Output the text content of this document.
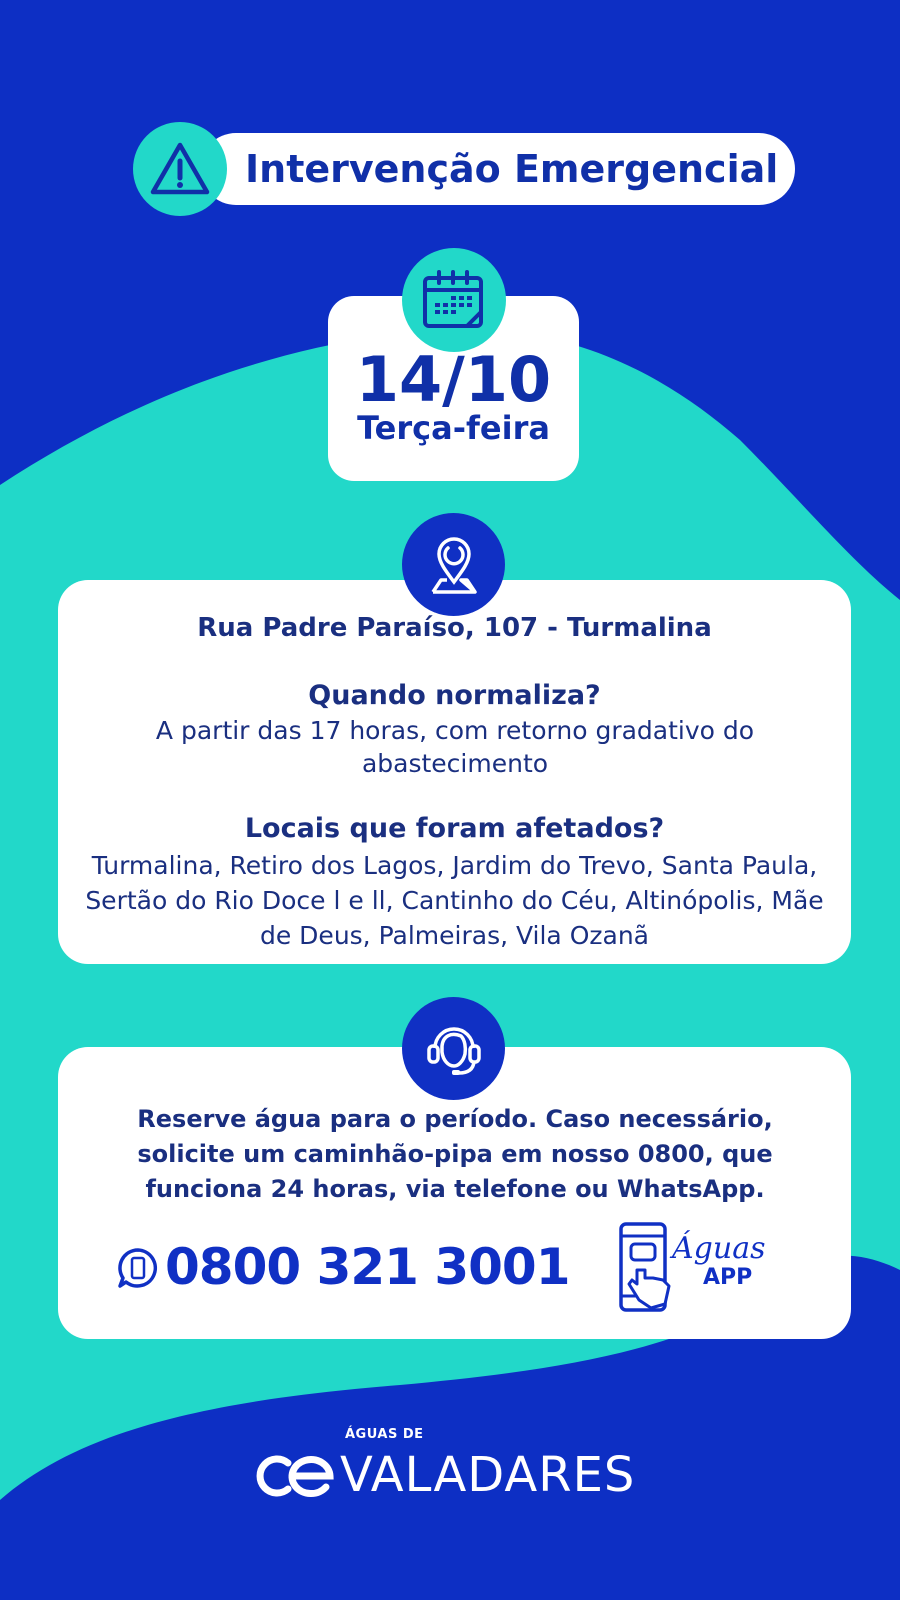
Intervenção Emergencial
14/10
Terça-feira
Rua Padre Paraíso, 107 - Turmalina
Quando normaliza?
A partir das 17 horas, com retorno gradativo do abastecimento
Locais que foram afetados?
Turmalina, Retiro dos Lagos, Jardim do Trevo, Santa Paula, Sertão do Rio Doce l e ll, Cantinho do Céu, Altinópolis, Mãe de Deus, Palmeiras, Vila Ozanã
Reserve água para o período. Caso necessário, solicite um caminhão-pipa em nosso 0800, que funciona 24 horas, via telefone ou WhatsApp.
0800 321 3001	Águas
APP
ÁGUAS DE
VALADARES
